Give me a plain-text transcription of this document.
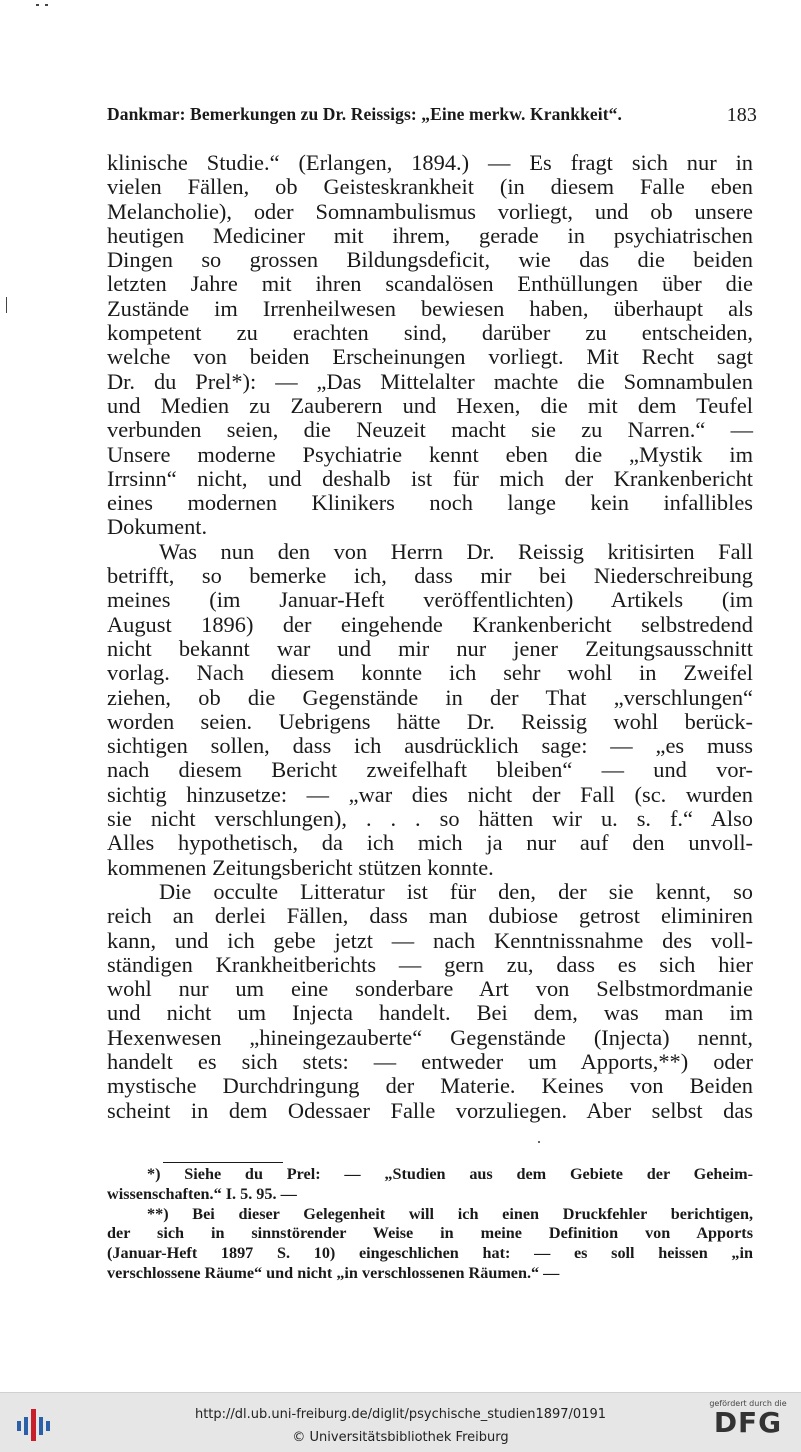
Dankmar: Bemerkungen zu Dr. Reissigs: „Eine merkw. Krankkeit“.	183
klinische Studie.“ (Erlangen, 1894.) — Es fragt sich nur in
vielen Fällen, ob Geisteskrankheit (in diesem Falle eben
Melancholie), oder Somnambulismus vorliegt, und ob unsere
heutigen Mediciner mit ihrem, gerade in psychiatrischen
Dingen so grossen Bildungsdeficit, wie das die beiden
letzten Jahre mit ihren scandalösen Enthüllungen über die
Zustände im Irrenheilwesen bewiesen haben, überhaupt als
kompetent zu erachten sind, darüber zu entscheiden,
welche von beiden Erscheinungen vorliegt. Mit Recht sagt
Dr. du Prel*): — „Das Mittelalter machte die Somnambulen
und Medien zu Zauberern und Hexen, die mit dem Teufel
verbunden seien, die Neuzeit macht sie zu Narren.“ —
Unsere moderne Psychiatrie kennt eben die „Mystik im
Irrsinn“ nicht, und deshalb ist für mich der Krankenbericht
eines modernen Klinikers noch lange kein infallibles
Dokument.
Was nun den von Herrn Dr. Reissig kritisirten Fall
betrifft, so bemerke ich, dass mir bei Niederschreibung
meines (im Januar-Heft veröffentlichten) Artikels (im
August 1896) der eingehende Krankenbericht selbstredend
nicht bekannt war und mir nur jener Zeitungsausschnitt
vorlag. Nach diesem konnte ich sehr wohl in Zweifel
ziehen, ob die Gegenstände in der That „verschlungen“
worden seien. Uebrigens hätte Dr. Reissig wohl berück-
sichtigen sollen, dass ich ausdrücklich sage: — „es muss
nach diesem Bericht zweifelhaft bleiben“ — und vor-
sichtig hinzusetze: — „war dies nicht der Fall (sc. wurden
sie nicht verschlungen), . . . so hätten wir u. s. f.“ Also
Alles hypothetisch, da ich mich ja nur auf den unvoll-
kommenen Zeitungsbericht stützen konnte.
Die occulte Litteratur ist für den, der sie kennt, so
reich an derlei Fällen, dass man dubiose getrost eliminiren
kann, und ich gebe jetzt — nach Kenntnissnahme des voll-
ständigen Krankheitberichts — gern zu, dass es sich hier
wohl nur um eine sonderbare Art von Selbstmordmanie
und nicht um Injecta handelt. Bei dem, was man im
Hexenwesen „hineingezauberte“ Gegenstände (Injecta) nennt,
handelt es sich stets: — entweder um Apports,**) oder
mystische Durchdringung der Materie. Keines von Beiden
scheint in dem Odessaer Falle vorzuliegen. Aber selbst das
*) Siehe du Prel: — „Studien aus dem Gebiete der Geheim-
wissenschaften.“ I. 5. 95. —
**) Bei dieser Gelegenheit will ich einen Druckfehler berichtigen,
der sich in sinnstörender Weise in meine Definition von Apports
(Januar-Heft 1897 S. 10) eingeschlichen hat: — es soll heissen „in
verschlossene Räume“ und nicht „in verschlossenen Räumen.“ —
http://dl.ub.uni-freiburg.de/diglit/psychische_studien1897/0191
© Universitätsbibliothek Freiburg
gefördert durch die
DFG
